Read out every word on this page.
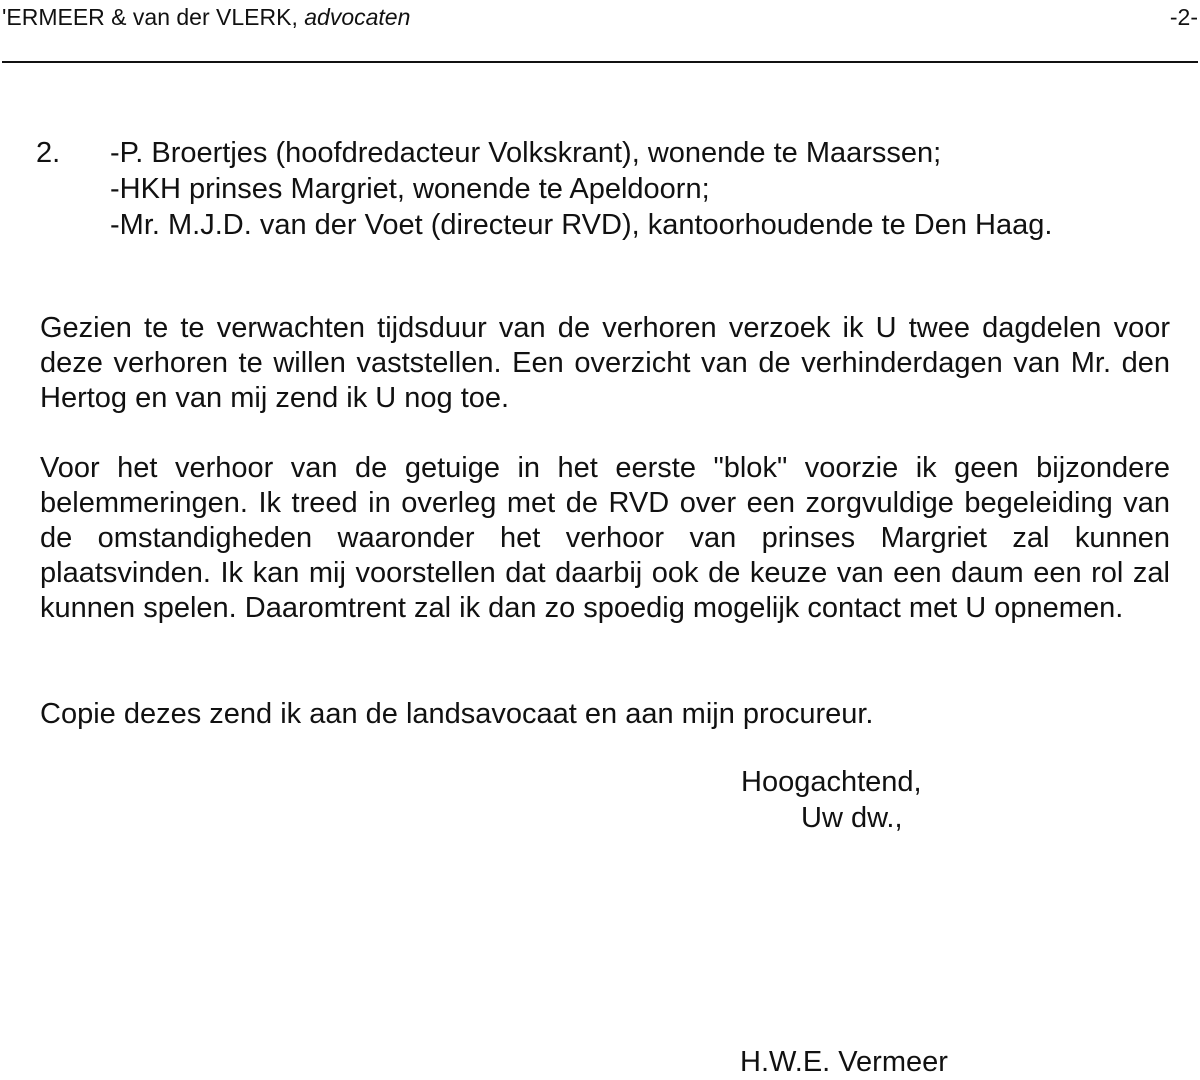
'ERMEER & van der VLERK, advocaten	-2-
2. -P. Broertjes (hoofdredacteur Volkskrant), wonende te Maarssen;
-HKH prinses Margriet, wonende te Apeldoorn;
-Mr. M.J.D. van der Voet (directeur RVD), kantoorhoudende te Den Haag.

Gezien te te verwachten tijdsduur van de verhoren verzoek ik U twee dagdelen voor deze verhoren te willen vaststellen. Een overzicht van de verhinderdagen van Mr. den Hertog en van mij zend ik U nog toe.

Voor het verhoor van de getuige in het eerste "blok" voorzie ik geen bijzondere belemmeringen. Ik treed in overleg met de RVD over een zorgvuldige begeleiding van de omstandigheden waaronder het verhoor van prinses Margriet zal kunnen plaatsvinden. Ik kan mij voorstellen dat daarbij ook de keuze van een daum een rol zal kunnen spelen. Daaromtrent zal ik dan zo spoedig mogelijk contact met U opnemen.

Copie dezes zend ik aan de landsavocaat en aan mijn procureur.

Hoogachtend,
Uw dw.,
H.W.E. Vermeer
